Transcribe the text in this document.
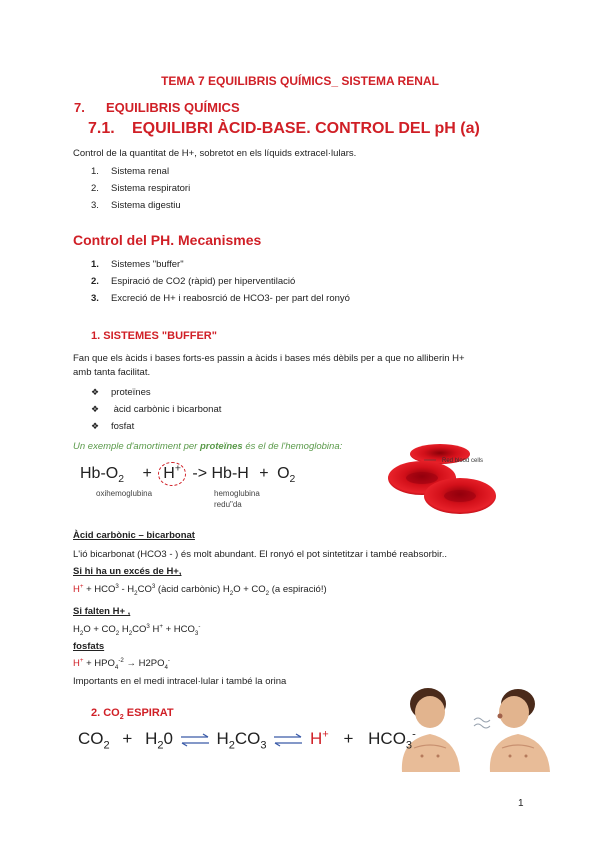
TEMA 7 EQUILIBRIS QUÍMICS_ SISTEMA RENAL
7. EQUILIBRIS QUÍMICS
7.1. EQUILIBRI ÀCID-BASE. CONTROL DEL pH (a)
Control de la quantitat de H+, sobretot en els líquids extracel·lulars.
1. Sistema renal
2. Sistema respiratori
3. Sistema digestiu
Control del PH. Mecanismes
1. Sistemes "buffer"
2. Espiració de CO2 (ràpid) per hiperventilació
3. Excreció de H+ i reabosrció de HCO3- per part del ronyó
1. SISTEMES "BUFFER"
Fan que els àcids i bases forts-es passin a àcids i bases més dèbils per a que no alliberin H+
amb tanta facilitat.
❖ proteïnes
❖ àcid carbònic i bicarbonat
❖ fosfat
Un exemple d'amortiment per proteïnes és el de l'hemoglobina:
$Hb-O_2 + H^+ -> Hb-H + O_2$
oxihemoglubina	hemoglubina
redu"da
Red blood cells
Àcid carbònic – bicarbonat
L'ió bicarbonat (HCO3 - ) és molt abundant. El ronyó el pot sintetitzar i també reabsorbir..
Si hi ha un excés de H+,
$H^+ + HCO^3 - H_2CO^3$ (àcid carbònic) $H_2O + CO_2$ (a espiració!)
Si falten H+ ,
$H_2O + CO_2$ $H_2CO^3$ $H^+ + HCO_3^-$
fosfats
$H^+ + HPO_4^{-2} \to H2PO_4^-$
Importants en el medi intracel·lular i també la orina
2. $CO_2$ ESPIRAT
$CO_2 + H_20$ ⇌ $H_2CO_3$ ⇌ $H^+ + HCO_3^-$
1
